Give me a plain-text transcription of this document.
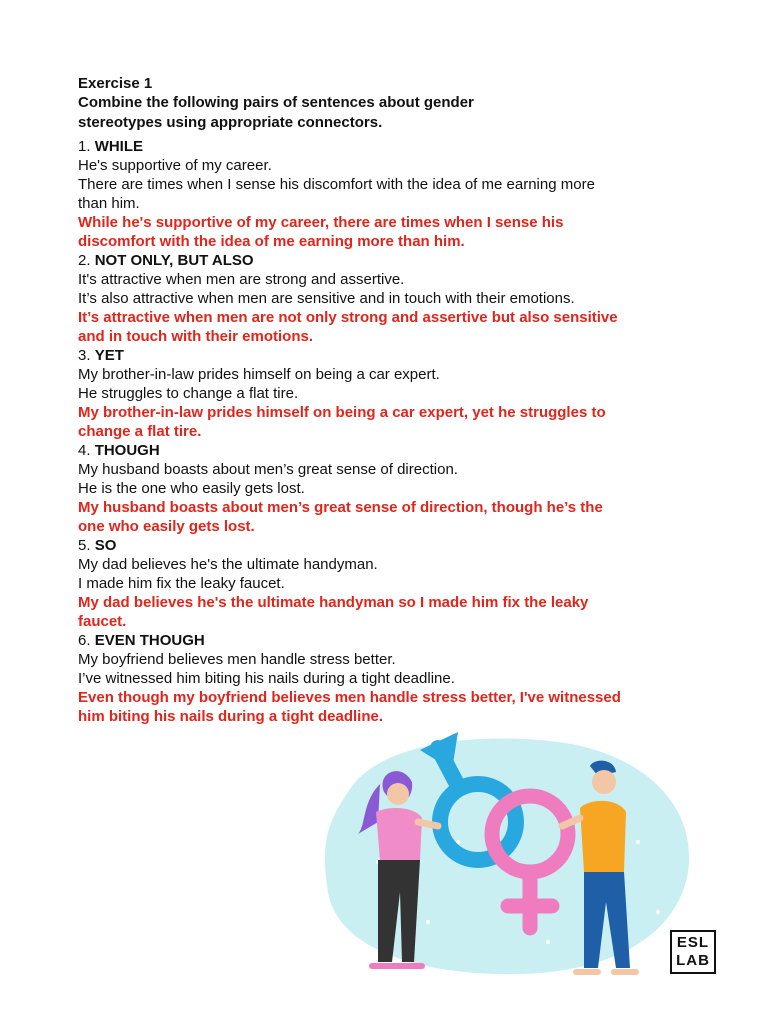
Exercise 1
Combine the following pairs of sentences about gender
stereotypes using appropriate connectors.
1. WHILE
He's supportive of my career.
There are times when I sense his discomfort with the idea of me earning more
than him.
While he's supportive of my career, there are times when I sense his
discomfort with the idea of me earning more than him.
2. NOT ONLY, BUT ALSO
It's attractive when men are strong and assertive.
It’s also attractive when men are sensitive and in touch with their emotions.
It’s attractive when men are not only strong and assertive but also sensitive
and in touch with their emotions.
3. YET
My brother-in-law prides himself on being a car expert.
He struggles to change a flat tire.
My brother-in-law prides himself on being a car expert, yet he struggles to
change a flat tire.
4. THOUGH
My husband boasts about men’s great sense of direction.
He is the one who easily gets lost.
My husband boasts about men’s great sense of direction, though he’s the
one who easily gets lost.
5. SO
My dad believes he's the ultimate handyman.
I made him fix the leaky faucet.
My dad believes he's the ultimate handyman so I made him fix the leaky
faucet.
6. EVEN THOUGH
My boyfriend believes men handle stress better.
I’ve witnessed him biting his nails during a tight deadline.
Even though my boyfriend believes men handle stress better, I've witnessed
him biting his nails during a tight deadline.
ESL
LAB
